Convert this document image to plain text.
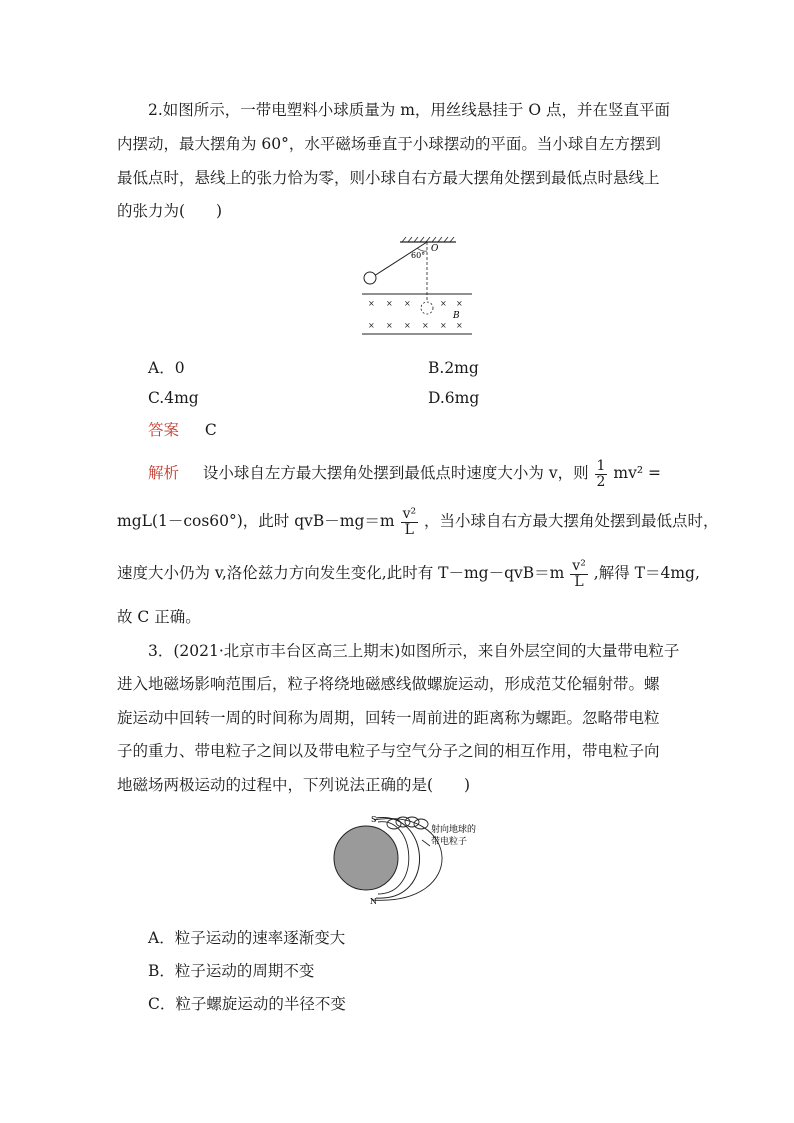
2.如图所示，一带电塑料小球质量为 m，用丝线悬挂于 O 点，并在竖直平面
内摆动，最大摆角为 60°，水平磁场垂直于小球摆动的平面。当小球自左方摆到
最低点时，悬线上的张力恰为零，则小球自右方最大摆角处摆到最低点时悬线上
的张力为(　　)
60°
O
× × ×	× ×
× × × × × ×
B
A．0	B.2mg
C.4mg	D.6mg
答案 C
解析 设小球自左方最大摆角处摆到最低点时速度大小为 v，则 $\frac{1}{2} mv^2$ =
mgL(1－cos60°)，此时 $qvB-mg=m \frac{\text{v²}}{L}$ ，当小球自右方最大摆角处摆到最低点时，
速度大小仍为 v,洛伦兹力方向发生变化,此时有 $T-mg-qvB=m \frac{\text{v²}}{L}$ ,解得 T＝4mg,
故 C 正确。
3．(2021·北京市丰台区高三上期末)如图所示，来自外层空间的大量带电粒子
进入地磁场影响范围后，粒子将绕地磁感线做螺旋运动，形成范艾伦辐射带。螺
旋运动中回转一周的时间称为周期，回转一周前进的距离称为螺距。忽略带电粒
子的重力、带电粒子之间以及带电粒子与空气分子之间的相互作用，带电粒子向
地磁场两极运动的过程中，下列说法正确的是(　　)
S
N
射向地球的
带电粒子
A．粒子运动的速率逐渐变大
B．粒子运动的周期不变
C．粒子螺旋运动的半径不变
